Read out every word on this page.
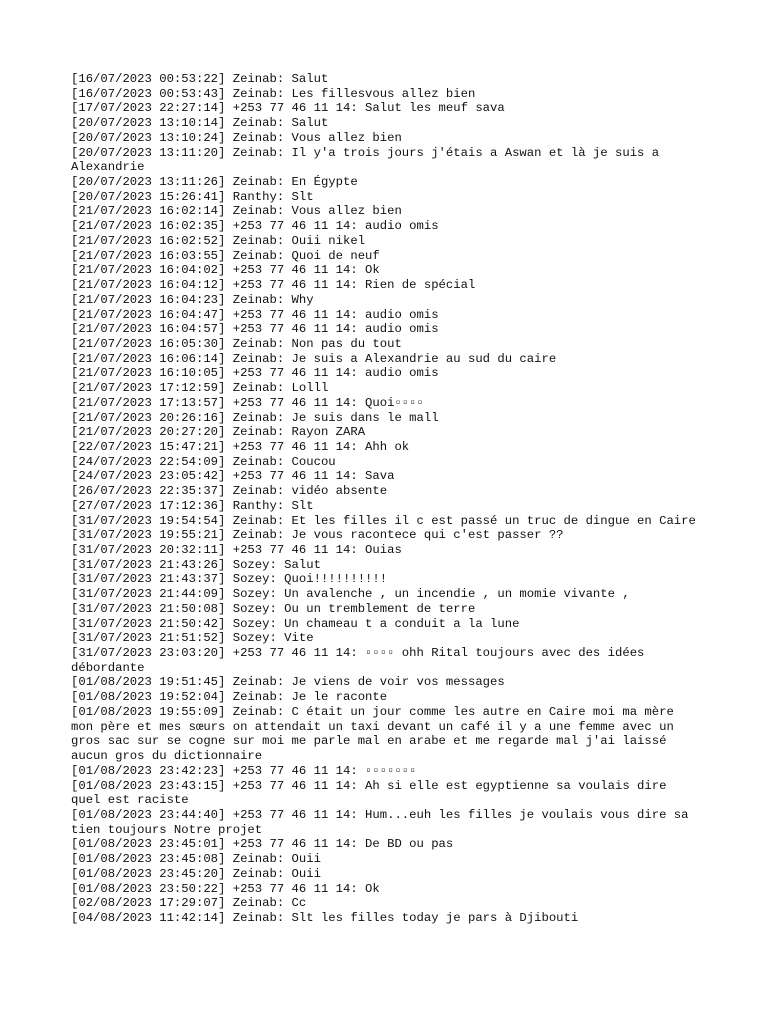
[16/07/2023 00:53:22] Zeinab: Salut
[16/07/2023 00:53:43] Zeinab: Les fillesvous allez bien
[17/07/2023 22:27:14] +253 77 46 11 14: Salut les meuf sava
[20/07/2023 13:10:14] Zeinab: Salut
[20/07/2023 13:10:24] Zeinab: Vous allez bien
[20/07/2023 13:11:20] Zeinab: Il y'a trois jours j'étais a Aswan et là je suis a Alexandrie
[20/07/2023 13:11:26] Zeinab: En Égypte
[20/07/2023 15:26:41] Ranthy: Slt
[21/07/2023 16:02:14] Zeinab: Vous allez bien
[21/07/2023 16:02:35] +253 77 46 11 14: audio omis
[21/07/2023 16:02:52] Zeinab: Ouii nikel
[21/07/2023 16:03:55] Zeinab: Quoi de neuf
[21/07/2023 16:04:02] +253 77 46 11 14: Ok
[21/07/2023 16:04:12] +253 77 46 11 14: Rien de spécial
[21/07/2023 16:04:23] Zeinab: Why
[21/07/2023 16:04:47] +253 77 46 11 14: audio omis
[21/07/2023 16:04:57] +253 77 46 11 14: audio omis
[21/07/2023 16:05:30] Zeinab: Non pas du tout
[21/07/2023 16:06:14] Zeinab: Je suis a Alexandrie au sud du caire
[21/07/2023 16:10:05] +253 77 46 11 14: audio omis
[21/07/2023 17:12:59] Zeinab: Lolll
[21/07/2023 17:13:57] +253 77 46 11 14: Quoi▫▫▫▫
[21/07/2023 20:26:16] Zeinab: Je suis dans le mall
[21/07/2023 20:27:20] Zeinab: Rayon ZARA
[22/07/2023 15:47:21] +253 77 46 11 14: Ahh ok
[24/07/2023 22:54:09] Zeinab: Coucou
[24/07/2023 23:05:42] +253 77 46 11 14: Sava
[26/07/2023 22:35:37] Zeinab: vidéo absente
[27/07/2023 17:12:36] Ranthy: Slt
[31/07/2023 19:54:54] Zeinab: Et les filles il c est passé un truc de dingue en Caire
[31/07/2023 19:55:21] Zeinab: Je vous racontece qui c'est passer ??
[31/07/2023 20:32:11] +253 77 46 11 14: Ouias
[31/07/2023 21:43:26] Sozey: Salut
[31/07/2023 21:43:37] Sozey: Quoi!!!!!!!!!!
[31/07/2023 21:44:09] Sozey: Un avalenche , un incendie , un momie vivante ,
[31/07/2023 21:50:08] Sozey: Ou un tremblement de terre
[31/07/2023 21:50:42] Sozey: Un chameau t a conduit a la lune
[31/07/2023 21:51:52] Sozey: Vite
[31/07/2023 23:03:20] +253 77 46 11 14: ▫▫▫▫ ohh Rital toujours avec des idées débordante
[01/08/2023 19:51:45] Zeinab: Je viens de voir vos messages
[01/08/2023 19:52:04] Zeinab: Je le raconte
[01/08/2023 19:55:09] Zeinab: C était un jour comme les autre en Caire moi ma mère mon père et mes sœurs on attendait un taxi devant un café il y a une femme avec un gros sac sur se cogne sur moi me parle mal en arabe et me regarde mal j'ai laissé aucun gros du dictionnaire
[01/08/2023 23:42:23] +253 77 46 11 14: ▫▫▫▫▫▫▫
[01/08/2023 23:43:15] +253 77 46 11 14: Ah si elle est egyptienne sa voulais dire quel est raciste
[01/08/2023 23:44:40] +253 77 46 11 14: Hum...euh les filles je voulais vous dire sa tien toujours Notre projet
[01/08/2023 23:45:01] +253 77 46 11 14: De BD ou pas
[01/08/2023 23:45:08] Zeinab: Ouii
[01/08/2023 23:45:20] Zeinab: Ouii
[01/08/2023 23:50:22] +253 77 46 11 14: Ok
[02/08/2023 17:29:07] Zeinab: Cc
[04/08/2023 11:42:14] Zeinab: Slt les filles today je pars à Djibouti
